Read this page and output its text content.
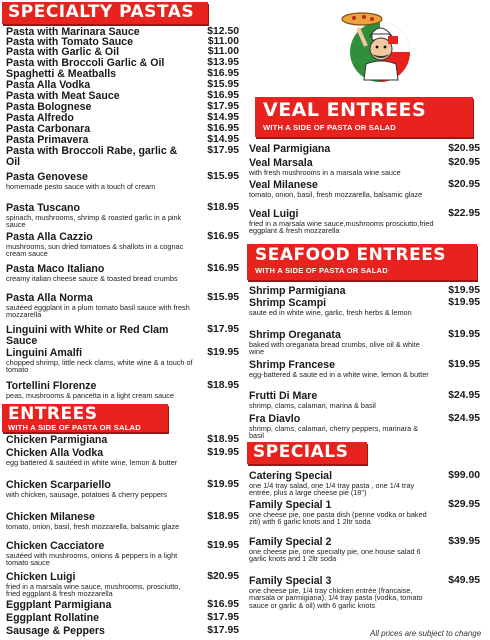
SPECIALTY PASTAS
Pasta with Marinara Sauce	$12.50
Pasta with Tomato Sauce	$11.00
Pasta with Garlic & Oil	$11.00
Pasta with Broccoli Garlic & Oil	$13.95
Spaghetti & Meatballs	$16.95
Pasta Alla Vodka	$15.95
Pasta with Meat Sauce	$16.95
Pasta Bolognese	$17.95
Pasta Alfredo	$14.95
Pasta Carbonara	$16.95
Pasta Primavera	$14.95
Pasta with Broccoli Rabe, garlic & Oil
$17.95
Pasta Genovese
homemade pesto sauce with a touch of cream
$15.95
Pasta Tuscano
spinach, mushrooms, shrimp & roasted garlic in a pink sauce
$18.95
Pasta Alla Cazzio
mushrooms, sun dried tomatoes & shallots in a cognac cream sauce
$16.95
Pasta Maco Italiano
creamy italian cheese sauce & toasted bread crumbs
$16.95
Pasta Alla Norma
sautéed eggplant in a plum tomato basil sauce with fresh mozzarella
$15.95
Linguini with White or Red Clam Sauce
$17.95
Linguini Amalfi
chopped shrimp, little neck clams, white wine & a touch of tomato
$19.95
Tortellini Florenze
peas, mushrooms & pancetta in a light cream sauce
$18.95
ENTREES
WITH A SIDE OF PASTA OR SALAD
Chicken Parmigiana	$18.95
Chicken Alla Vodka
egg battered & sautéed in white wine, lemon & butter
$19.95
Chicken Scarpariello
with chicken, sausage, potatoes & cherry peppers
$19.95
Chicken Milanese
tomato, onion, basil, fresh mozzarella, balsamic glaze
$18.95
Chicken Cacciatore
sautéed with mushrooms, onions & peppers in a light tomato sauce
$19.95
Chicken Luigi
fried in a marsala wine sauce, mushrooms, prosciutto, fried eggplant & fresh mozzarella
$20.95
Eggplant Parmigiana	$16.95
Eggplant Rollatine	$17.95
Sausage & Peppers	$17.95
VEAL ENTREES
WITH A SIDE OF PASTA OR SALAD
Veal Parmigiana	$20.95
Veal Marsala
with fresh mushrooms in a marsala wine sauce
$20.95
Veal Milanese
tomato, onion, basil, fresh mozzarella, balsamic glaze
$20.95
Veal Luigi
fried in a marsala wine sauce,mushrooms prosciutto,fried eggplant & fresh mozzarella
$22.95
SEAFOOD ENTREES
WITH A SIDE OF PASTA OR SALAD
Shrimp Parmigiana	$19.95
Shrimp Scampi
saute ed in white wine, garlic, fresh herbs & lemon
$19.95
Shrimp Oreganata
baked with oreganata bread crumbs, olive oil & white wine
$19.95
Shrimp Francese
egg-battered & saute ed in a white wine, lemon & butter
$19.95
Frutti Di Mare
shrimp, clams, calamari, marina & basil
$24.95
Fra Diavlo
shrimp, clams, calamari, cherry peppers, marinara & basil
$24.95
SPECIALS
Catering Special
one 1/4 tray salad, one 1/4 tray pasta , one 1/4 tray entrée, plus a large cheese pie (18")
$99.00
Family Special 1
one cheese pie, one pasta dish (penne vodka or baked ziti) with 6 garlic knots and 1 2ltr soda
$29.95
Family Special 2
one cheese pie, one specialty pie, one house salad 6 garlic knots and 1 2ltr soda
$39.95
Family Special 3
one cheese pie, 1/4 tray chicken entrée (francaise, marsala or parmigiana), 1/4 tray pasta (vodka, tomato sauce or garlic & oil) with 6 garlic knots
$49.95
All prices are subject to change
